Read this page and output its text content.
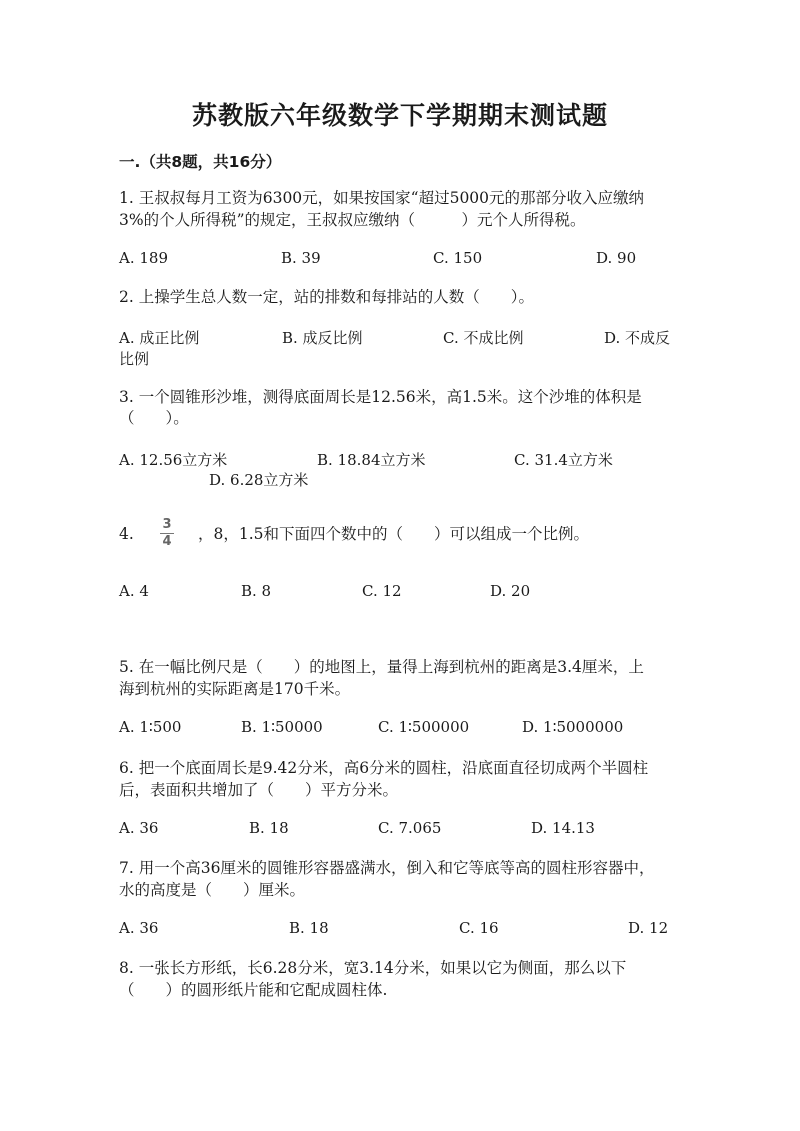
苏教版六年级数学下学期期末测试题
一.（共8题，共16分）
1. 王叔叔每月工资为6300元，如果按国家“超过5000元的那部分收入应缴纳
3%的个人所得税”的规定，王叔叔应缴纳（　　　）元个人所得税。
A. 189	B. 39	C. 150	D. 90
2. 上操学生总人数一定，站的排数和每排站的人数（　　）。
A. 成正比例	B. 成反比例	C. 不成比例	D. 不成反
比例
3. 一个圆锥形沙堆，测得底面周长是12.56米，高1.5米。这个沙堆的体积是
（　　）。
A. 12.56立方米	B. 18.84立方米	C. 31.4立方米
D. 6.28立方米
4.
3
4 ，8，1.5和下面四个数中的（　　）可以组成一个比例。
A. 4	B. 8	C. 12	D. 20
5. 在一幅比例尺是（　　）的地图上，量得上海到杭州的距离是3.4厘米，上
海到杭州的实际距离是170千米。
A. 1∶500	B. 1∶50000	C. 1∶500000	D. 1∶5000000
6. 把一个底面周长是9.42分米，高6分米的圆柱，沿底面直径切成两个半圆柱
后，表面积共增加了（　　）平方分米。
A. 36	B. 18	C. 7.065	D. 14.13
7. 用一个高36厘米的圆锥形容器盛满水，倒入和它等底等高的圆柱形容器中，
水的高度是（　　）厘米。
A. 36	B. 18	C. 16	D. 12
8. 一张长方形纸，长6.28分米，宽3.14分米，如果以它为侧面，那么以下
（　　）的圆形纸片能和它配成圆柱体.
